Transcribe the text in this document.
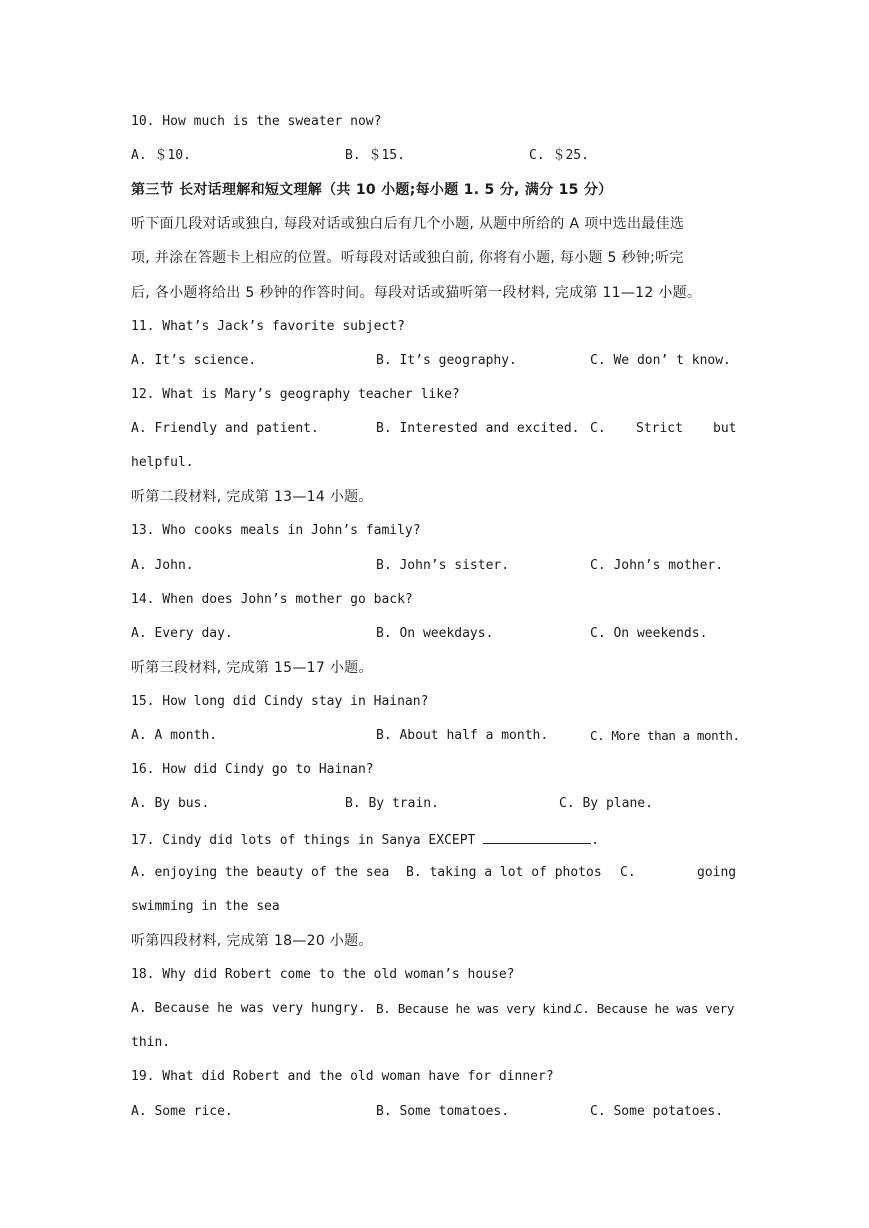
10. How much is the sweater now?
A. ＄10.	B. ＄15.	C. ＄25.
第三节 长对话理解和短文理解（共 10 小题;每小题 1. 5 分, 满分 15 分）
听下面几段对话或独白, 每段对话或独白后有几个小题, 从题中所给的 A 项中选出最佳选
项, 并涂在答题卡上相应的位置。听每段对话或独白前, 你将有小题, 每小题 5 秒钟;听完
后, 各小题将给出 5 秒钟的作答时间。每段对话或猫听第一段材料, 完成第 11—12 小题。
11. What’s Jack’s favorite subject?
A. It’s science.	B. It’s geography.	C. We don’ t know.
12. What is Mary’s geography teacher like?
A. Friendly and patient.	B. Interested and excited. C. Strict but
helpful.
听第二段材料, 完成第 13—14 小题。
13. Who cooks meals in John’s family?
A. John.	B. John’s sister.	C. John’s mother.
14. When does John’s mother go back?
A. Every day.	B. On weekdays.	C. On weekends.
听第三段材料, 完成第 15—17 小题。
15. How long did Cindy stay in Hainan?
A. A month.	B. About half a month.	C. More than a month.
16. How did Cindy go to Hainan?
A. By bus.	B. By train.	C. By plane.
17. Cindy did lots of things in Sanya EXCEPT	.
A. enjoying the beauty of the sea B. taking a lot of photos C.	going
swimming in the sea
听第四段材料, 完成第 18—20 小题。
18. Why did Robert come to the old woman’s house?
A. Because he was very hungry. B. Because he was very kind.
C. Because he was very
thin.
19. What did Robert and the old woman have for dinner?
A. Some rice.	B. Some tomatoes.	C. Some potatoes.
